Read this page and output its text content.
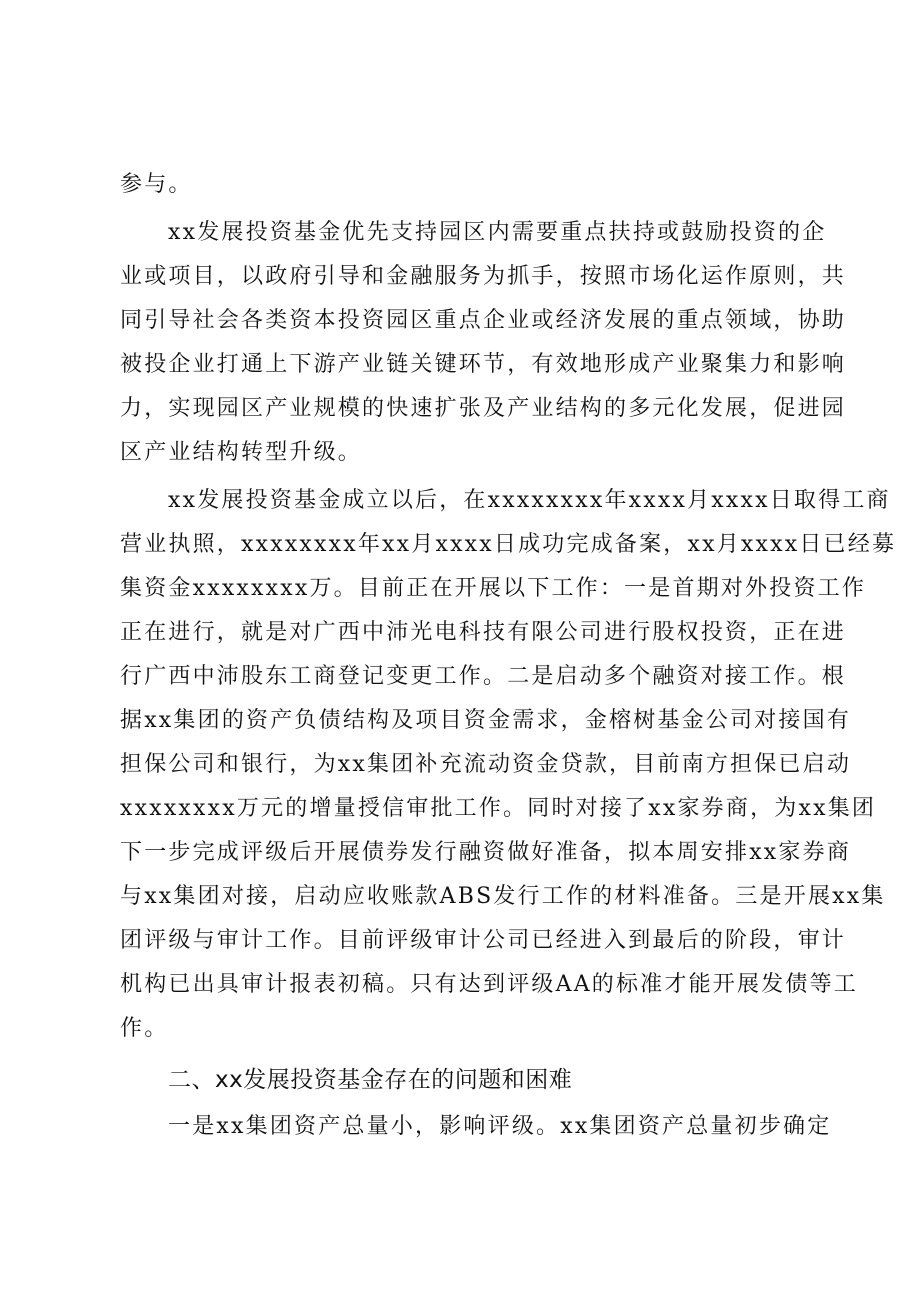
参与。
xx发展投资基金优先支持园区内需要重点扶持或鼓励投资的企
业或项目，以政府引导和金融服务为抓手，按照市场化运作原则，共
同引导社会各类资本投资园区重点企业或经济发展的重点领域，协助
被投企业打通上下游产业链关键环节，有效地形成产业聚集力和影响
力，实现园区产业规模的快速扩张及产业结构的多元化发展，促进园
区产业结构转型升级。
xx发展投资基金成立以后，在xxxxxxxx年xxxx月xxxx日取得工商
营业执照，xxxxxxxx年xx月xxxx日成功完成备案，xx月xxxx日已经募
集资金xxxxxxxx万。目前正在开展以下工作：一是首期对外投资工作
正在进行，就是对广西中沛光电科技有限公司进行股权投资，正在进
行广西中沛股东工商登记变更工作。二是启动多个融资对接工作。根
据xx集团的资产负债结构及项目资金需求，金榕树基金公司对接国有
担保公司和银行，为xx集团补充流动资金贷款，目前南方担保已启动
xxxxxxxx万元的增量授信审批工作。同时对接了xx家券商，为xx集团
下一步完成评级后开展债券发行融资做好准备，拟本周安排xx家券商
与xx集团对接，启动应收账款ABS发行工作的材料准备。三是开展xx集
团评级与审计工作。目前评级审计公司已经进入到最后的阶段，审计
机构已出具审计报表初稿。只有达到评级AA的标准才能开展发债等工
作。
二、xx发展投资基金存在的问题和困难
一是xx集团资产总量小，影响评级。xx集团资产总量初步确定
